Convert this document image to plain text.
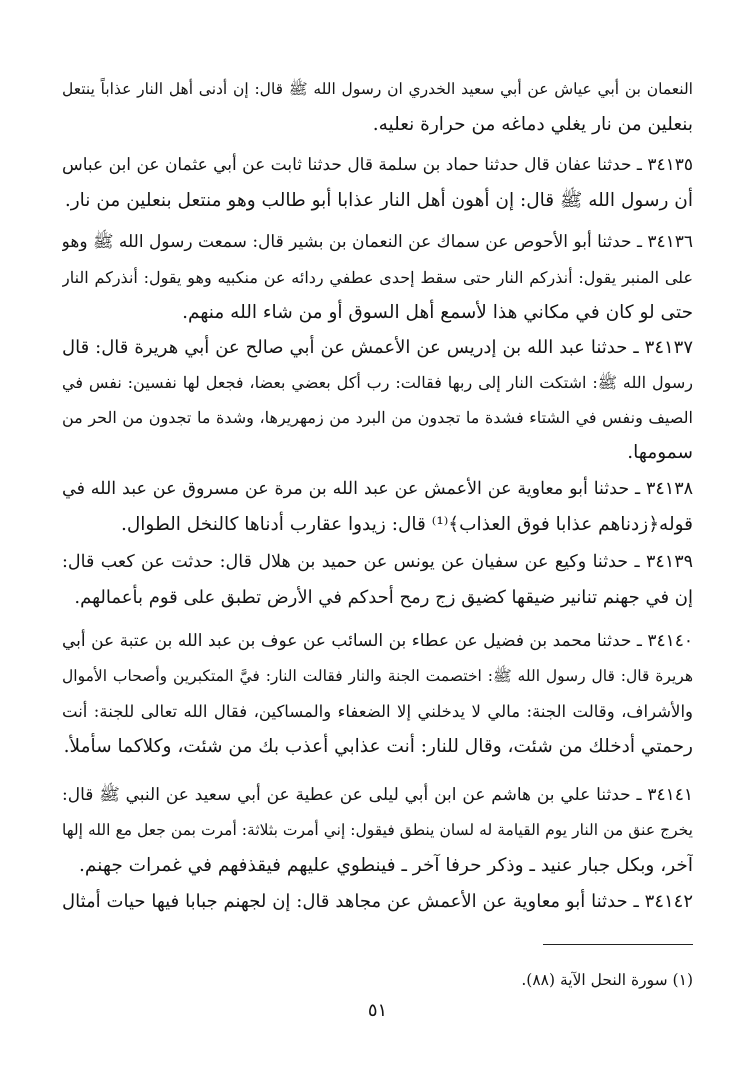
النعمان بن أبي عياش عن أبي سعيد الخدري ان رسول الله ﷺ قال: إن أدنى أهل النار عذاباً ينتعل
بنعلين من نار يغلي دماغه من حرارة نعليه.
٣٤١٣٥ ـ حدثنا عفان قال حدثنا حماد بن سلمة قال حدثنا ثابت عن أبي عثمان عن ابن عباس
أن رسول الله ﷺ قال: إن أهون أهل النار عذابا أبو طالب وهو منتعل بنعلين من نار.
٣٤١٣٦ ـ حدثنا أبو الأحوص عن سماك عن النعمان بن بشير قال: سمعت رسول الله ﷺ وهو
على المنبر يقول: أنذركم النار حتى سقط إحدى عطفي ردائه عن منكبيه وهو يقول: أنذركم النار
حتى لو كان في مكاني هذا لأسمع أهل السوق أو من شاء الله منهم.
٣٤١٣٧ ـ حدثنا عبد الله بن إدريس عن الأعمش عن أبي صالح عن أبي هريرة قال: قال
رسول الله ﷺ: اشتكت النار إلى ربها فقالت: رب أكل بعضي بعضا، فجعل لها نفسين: نفس في
الصيف ونفس في الشتاء فشدة ما تجدون من البرد من زمهريرها، وشدة ما تجدون من الحر من
سمومها.
٣٤١٣٨ ـ حدثنا أبو معاوية عن الأعمش عن عبد الله بن مرة عن مسروق عن عبد الله في
قوله﴿زدناهم عذابا فوق العذاب﴾⁽¹⁾ قال: زيدوا عقارب أدناها كالنخل الطوال.
٣٤١٣٩ ـ حدثنا وكيع عن سفيان عن يونس عن حميد بن هلال قال: حدثت عن كعب قال:
إن في جهنم تنانير ضيقها كضيق زج رمح أحدكم في الأرض تطبق على قوم بأعمالهم.
٣٤١٤٠ ـ حدثنا محمد بن فضيل عن عطاء بن السائب عن عوف بن عبد الله بن عتبة عن أبي
هريرة قال: قال رسول الله ﷺ: اختصمت الجنة والنار فقالت النار: فيَّ المتكبرين وأصحاب الأموال
والأشراف، وقالت الجنة: مالي لا يدخلني إلا الضعفاء والمساكين، فقال الله تعالى للجنة: أنت
رحمتي أدخلك من شئت، وقال للنار: أنت عذابي أعذب بك من شئت، وكلاكما سأملأ.
٣٤١٤١ ـ حدثنا علي بن هاشم عن ابن أبي ليلى عن عطية عن أبي سعيد عن النبي ﷺ قال:
يخرج عنق من النار يوم القيامة له لسان ينطق فيقول: إني أمرت بثلاثة: أمرت بمن جعل مع الله إلها
آخر، وبكل جبار عنيد ـ وذكر حرفا آخر ـ فينطوي عليهم فيقذفهم في غمرات جهنم.
٣٤١٤٢ ـ حدثنا أبو معاوية عن الأعمش عن مجاهد قال: إن لجهنم جبابا فيها حيات أمثال
(١) سورة النحل الآية (٨٨).
٥١
